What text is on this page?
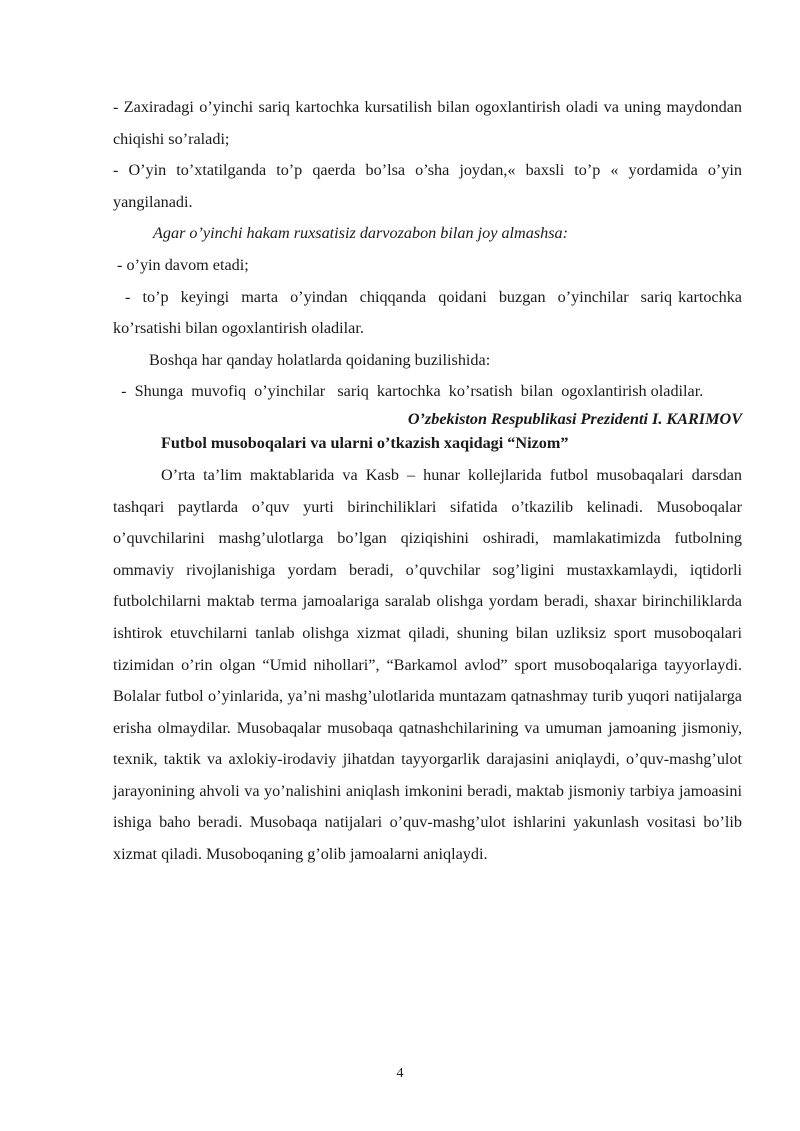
- Zaxiradagi o’yinchi sariq kartochka kursatilish bilan ogoxlantirish oladi va uning maydondan chiqishi so’raladi;

- O’yin to’xtatilganda to’p qaerda bo’lsa o’sha joydan,« baxsli to’p « yordamida o’yin yangilanadi.

Agar o’yinchi hakam ruxsatisiz darvozabon bilan joy almashsa:

- o’yin davom etadi;

-  to’p  keyingi  marta  o’yindan  chiqqanda  qoidani  buzgan  o’yinchilar  sariq kartochka ko’rsatishi bilan ogoxlantirish oladilar.

Boshqa har qanday holatlarda qoidaning buzilishida:

-  Shunga  muvofiq  o’yinchilar   sariq  kartochka  ko’rsatish  bilan  ogoxlantirish oladilar.

O’zbekiston Respublikasi Prezidenti I. KARIMOV

Futbol musoboqalari va ularni o’tkazish xaqidagi “Nizom”

O’rta ta’lim maktablarida va Kasb – hunar kollejlarida futbol musobaqalari darsdan tashqari paytlarda o’quv yurti birinchiliklari sifatida o’tkazilib kelinadi. Musoboqalar o’quvchilarini mashg’ulotlarga bo’lgan qiziqishini oshiradi, mamlakatimizda futbolning ommaviy rivojlanishiga yordam beradi, o’quvchilar sog’ligini mustaxkamlaydi, iqtidorli futbolchilarni maktab terma jamoalariga saralab olishga yordam beradi, shaxar birinchiliklarda ishtirok etuvchilarni tanlab olishga xizmat qiladi, shuning bilan uzliksiz sport musoboqalari tizimidan o’rin olgan “Umid nihollari”, “Barkamol avlod” sport musoboqalariga tayyorlaydi. Bolalar futbol o’yinlarida, ya’ni mashg’ulotlarida muntazam qatnashmay turib yuqori natijalarga erisha olmaydilar. Musobaqalar musobaqa qatnashchilarining va umuman jamoaning jismoniy, texnik, taktik va axlokiy-irodaviy jihatdan tayyorgarlik darajasini aniqlaydi, o’quv-mashg’ulot jarayonining ahvoli va yo’nalishini aniqlash imkonini beradi, maktab jismoniy tarbiya jamoasini ishiga baho beradi. Musobaqa natijalari o’quv-mashg’ulot ishlarini yakunlash vositasi bo’lib xizmat qiladi. Musoboqaning g’olib jamoalarni aniqlaydi.

4
